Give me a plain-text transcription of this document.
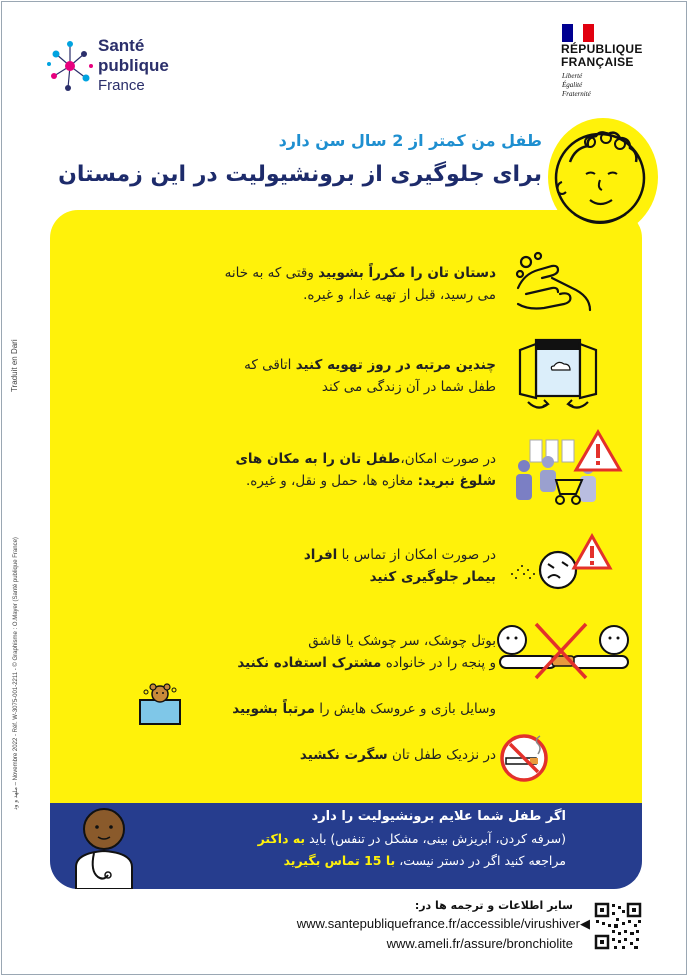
Santé
publique
France
RÉPUBLIQUE
FRANÇAISE
Liberté
Égalité
Fraternité
طفل من کمتر از 2 سال سن دارد
برای جلوگیری از برونشیولیت در این زمستان
دستان تان را مکرراً بشویید وقتی که به خانه
می رسید، قبل از تهیه غدا، و غیره.
چندین مرتبه در روز تهویه کنید اتاقی که
طفل شما در آن زندگی می کند
در صورت امکان،طفل تان را به مکان های
شلوغ نبرید: مغازه ها، حمل و نقل، و غیره.
در صورت امکان از تماس با افراد
بیمار جلوگیری کنید
بوتل چوشک، سر چوشک یا قاشق
و پنجه را در خانواده مشترک استفاده نکنید
وسایل بازی و عروسک هایش را مرتباً بشویید
در نزدیک طفل تان سگرت نکشید
اگر طفل شما علایم برونشیولیت را دارد
(سرفه کردن، آبریزش بینی، مشکل در تنفس) باید به داکتر
مراجعه کنید اگر در دستر نیست، با 15 تماس بگیرید
سایر اطلاعات و ترجمه ها در:
www.santepubliquefrance.fr/accessible/virushiver◀
www.ameli.fr/assure/bronchiolite
Traduit en Dari
ملهد و ود – Novembre 2022 - Réf. W-3075-001-2211 - © Graphisme : O.Mayer (Santé publique France)
